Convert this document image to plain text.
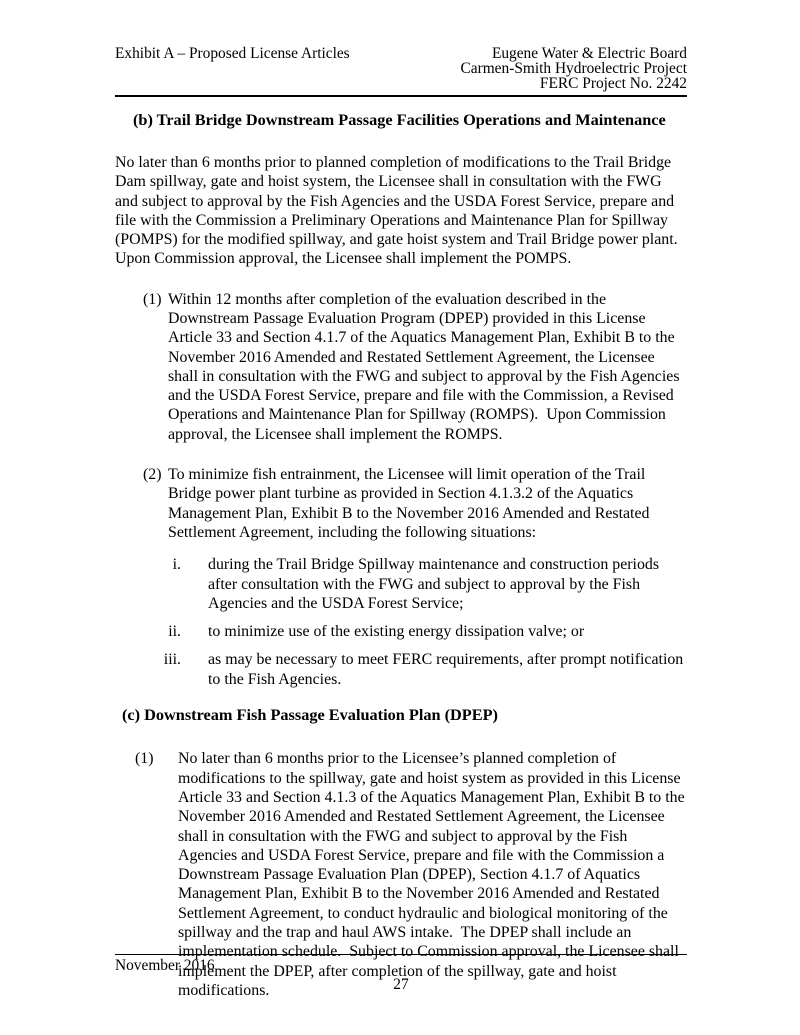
Exhibit A – Proposed License Articles	Eugene Water & Electric Board
Carmen-Smith Hydroelectric Project
FERC Project No. 2242
(b) Trail Bridge Downstream Passage Facilities Operations and Maintenance

No later than 6 months prior to planned completion of modifications to the Trail Bridge Dam spillway, gate and hoist system, the Licensee shall in consultation with the FWG and subject to approval by the Fish Agencies and the USDA Forest Service, prepare and file with the Commission a Preliminary Operations and Maintenance Plan for Spillway (POMPS) for the modified spillway, and gate hoist system and Trail Bridge power plant.  Upon Commission approval, the Licensee shall implement the POMPS.

(1) Within 12 months after completion of the evaluation described in the Downstream Passage Evaluation Program (DPEP) provided in this License Article 33 and Section 4.1.7 of the Aquatics Management Plan, Exhibit B to the November 2016 Amended and Restated Settlement Agreement, the Licensee shall in consultation with the FWG and subject to approval by the Fish Agencies and the USDA Forest Service, prepare and file with the Commission, a Revised Operations and Maintenance Plan for Spillway (ROMPS).  Upon Commission approval, the Licensee shall implement the ROMPS.
(2) To minimize fish entrainment, the Licensee will limit operation of the Trail Bridge power plant turbine as provided in Section 4.1.3.2 of the Aquatics Management Plan, Exhibit B to the November 2016 Amended and Restated Settlement Agreement, including the following situations:
i.	during the Trail Bridge Spillway maintenance and construction periods after consultation with the FWG and subject to approval by the Fish Agencies and the USDA Forest Service;
ii.	to minimize use of the existing energy dissipation valve; or
iii.	as may be necessary to meet FERC requirements, after prompt notification to the Fish Agencies.
(c) Downstream Fish Passage Evaluation Plan (DPEP)
(1)	No later than 6 months prior to the Licensee’s planned completion of modifications to the spillway, gate and hoist system as provided in this License Article 33 and Section 4.1.3 of the Aquatics Management Plan, Exhibit B to the November 2016 Amended and Restated Settlement Agreement, the Licensee shall in consultation with the FWG and subject to approval by the Fish Agencies and USDA Forest Service, prepare and file with the Commission a Downstream Passage Evaluation Plan (DPEP), Section 4.1.7 of Aquatics Management Plan, Exhibit B to the November 2016 Amended and Restated Settlement Agreement, to conduct hydraulic and biological monitoring of the spillway and the trap and haul AWS intake.  The DPEP shall include an implementation schedule.  Subject to Commission approval, the Licensee shall implement the DPEP, after completion of the spillway, gate and hoist modifications.
November 2016
27
